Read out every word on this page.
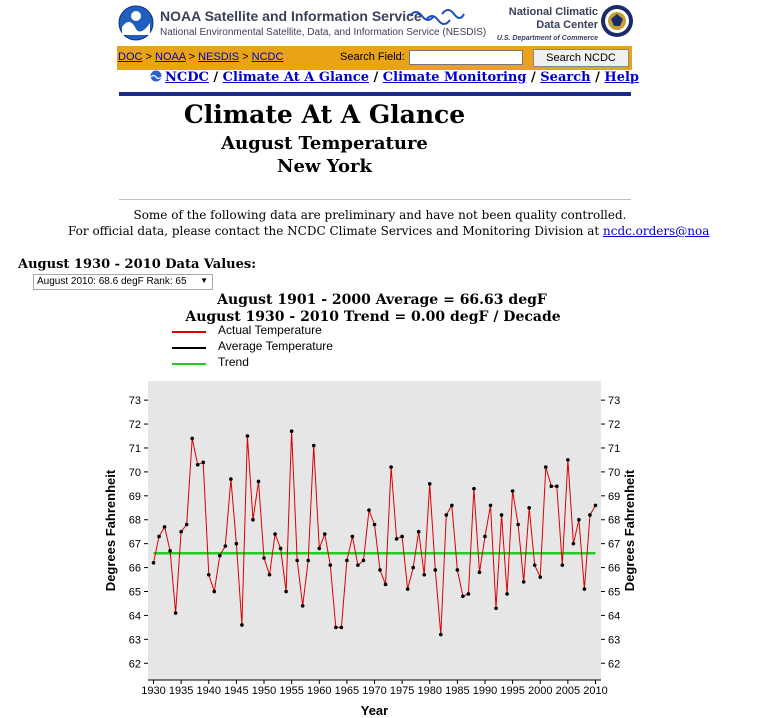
NOAA Satellite and Information Service
National Environmental Satellite, Data, and Information Service (NESDIS)
National Climatic
Data Center
U.S. Department of Commerce
DOC > NOAA > NESDIS > NCDC	Search Field:	Search NCDC
NCDC / Climate At A Glance / Climate Monitoring / Search / Help
Climate At A Glance
August Temperature
New York
Some of the following data are preliminary and have not been quality controlled.
For official data, please contact the NCDC Climate Services and Monitoring Division at ncdc.orders@noa
August 1930 - 2010 Data Values:
August 2010: 68.6 degF Rank: 65 ▼
August 1901 - 2000 Average = 66.63 degF
August 1930 - 2010 Trend = 0.00 degF / Decade
Actual Temperature
Average Temperature
Trend
62	62
63	63
64	64
65	65
66	66
67	67
68	68
69	69
70	70
71	71
72	72
73	73
1930 1935 1940 1945 1950 1955 1960 1965 1970 1975 1980 1985 1990 1995 2000 2005 2010
Year
Degrees Fahrenheit	Degrees Fahrenheit
